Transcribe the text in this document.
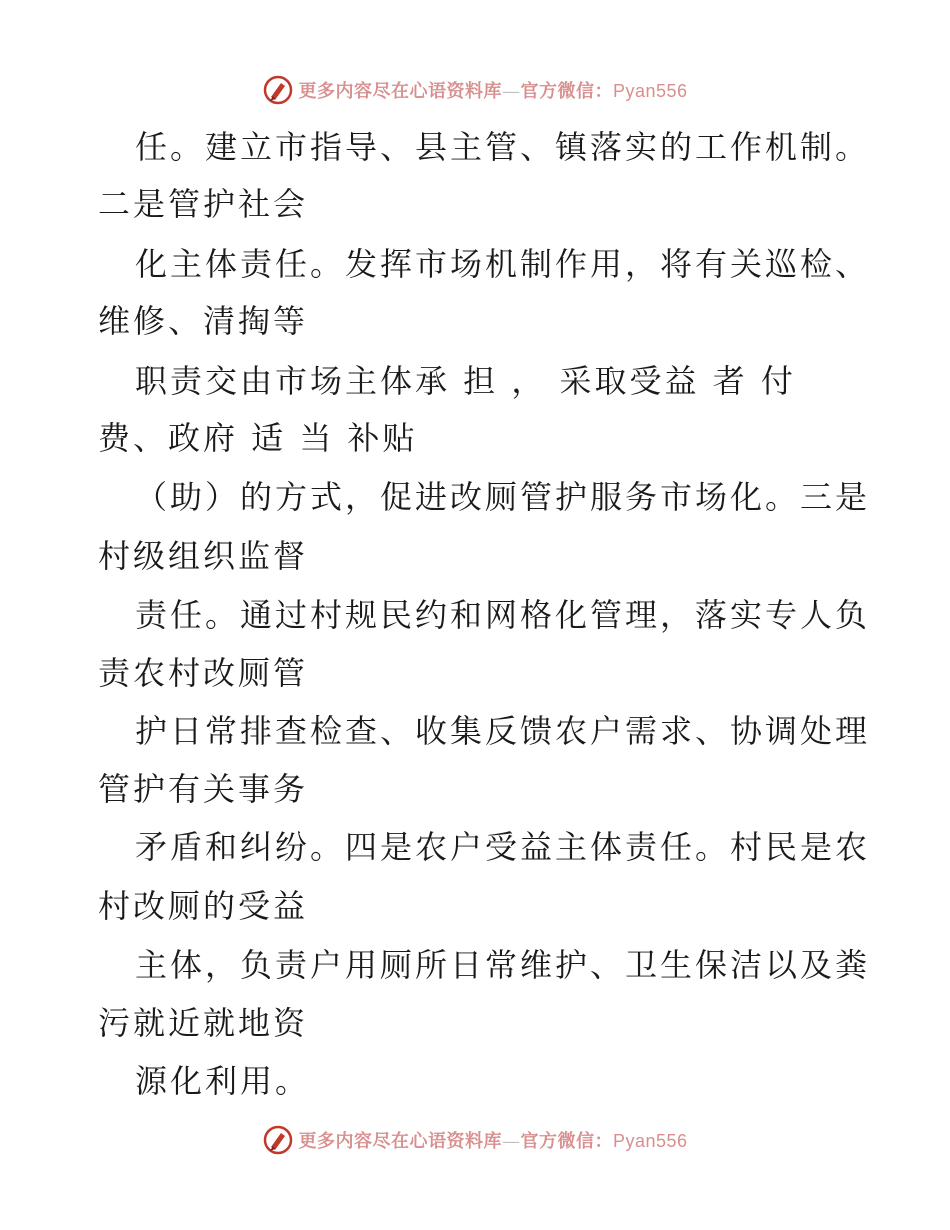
更多内容尽在心语资料库—官方微信：Pyan556
任。建立市指导、县主管、镇落实的工作机制。
二是管护社会
化主体责任。发挥市场机制作用，将有关巡检、
维修、清掏等
职责交由市场主体承 担 ， 采取受益 者 付
费、政府 适 当 补贴
（助）的方式，促进改厕管护服务市场化。三是
村级组织监督
责任。通过村规民约和网格化管理，落实专人负
责农村改厕管
护日常排查检查、收集反馈农户需求、协调处理
管护有关事务
矛盾和纠纷。四是农户受益主体责任。村民是农
村改厕的受益
主体，负责户用厕所日常维护、卫生保洁以及粪
污就近就地资
源化利用。
更多内容尽在心语资料库—官方微信：Pyan556
